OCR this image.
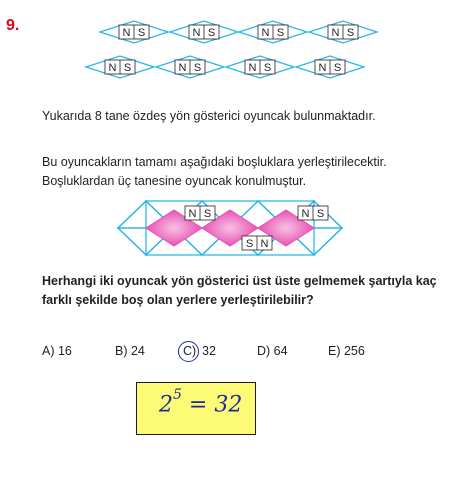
9.	N S	N S	N S	N S
N S	N S	N S	N S
N S	N S
S N

Yukarıda 8 tane özdeş yön gösterici oyuncak bulunmaktadır.

Bu oyuncakların tamamı aşağıdaki boşluklara yerleştirilecektir. Boşluklardan üç tanesine oyuncak konulmuştur.

Herhangi iki oyuncak yön gösterici üst üste gelmemek şartıyla kaç farklı şekilde boş olan yerlere yerleştirilebilir?

A) 16	B) 24	C) 32	D) 64	E) 256
$2^5 = 32$
